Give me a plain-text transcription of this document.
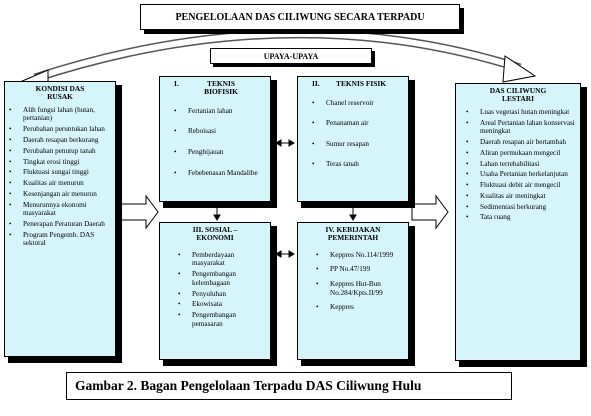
PENGELOLAAN DAS CILIWUNG SECARA TERPADU
UPAYA-UPAYA
KONDISI DAS RUSAK
• Alih fungsi lahan (hutan, pertanian)
• Perubahan peruntukan lahan
• Daerah resapan berkurang
• Perubahan penutup tanah
• Tingkat erosi tinggi
• Fluktuasi sungai tinggi
• Kualitas air menurun
• Kesenjangan air menurun
• Menurunnya ekonomi masyarakat
• Penerapan Peraturan Daerah
• Program Pengemb. DAS sektoral
I.	TEKNIS BIOFISIK
• Fertanian lahan
• Reboisasi
• Penghijauan
• Febebenasan Mandalibe
II.	TEKNIS FISIK
• Chanel reservoir
• Penanaman air
• Sumur resapan
• Teras tanah
III. SOSIAL – EKONOMI
• Pemberdayaan masyarakat
• Pengembangan kelembagaan
• Penyuluhan
• Ekowisata
• Pengembangan pemasaran
IV. KEBIJAKAN PEMERINTAH
• Keppres No.114/1999
• PP No.47/199
• Keppres Hut-Bun No.284/Kpts.II/99
• Keppres
DAS CILIWUNG LESTARI
• Luas vegetasi hutan meningkat
• Areal Pertanian lahan konservasi meningkat
• Daerah resapan air bertambah
• Aliran permukaan mengecil
• Lahan terrehabilitasi
• Usaha Pertanian berkelanjutan
• Fluktuasi debit air mengecil
• Kualitas air meningkat
• Sedimentasi berkurang
• Tata ruang
Gambar 2. Bagan Pengelolaan Terpadu DAS Ciliwung Hulu
